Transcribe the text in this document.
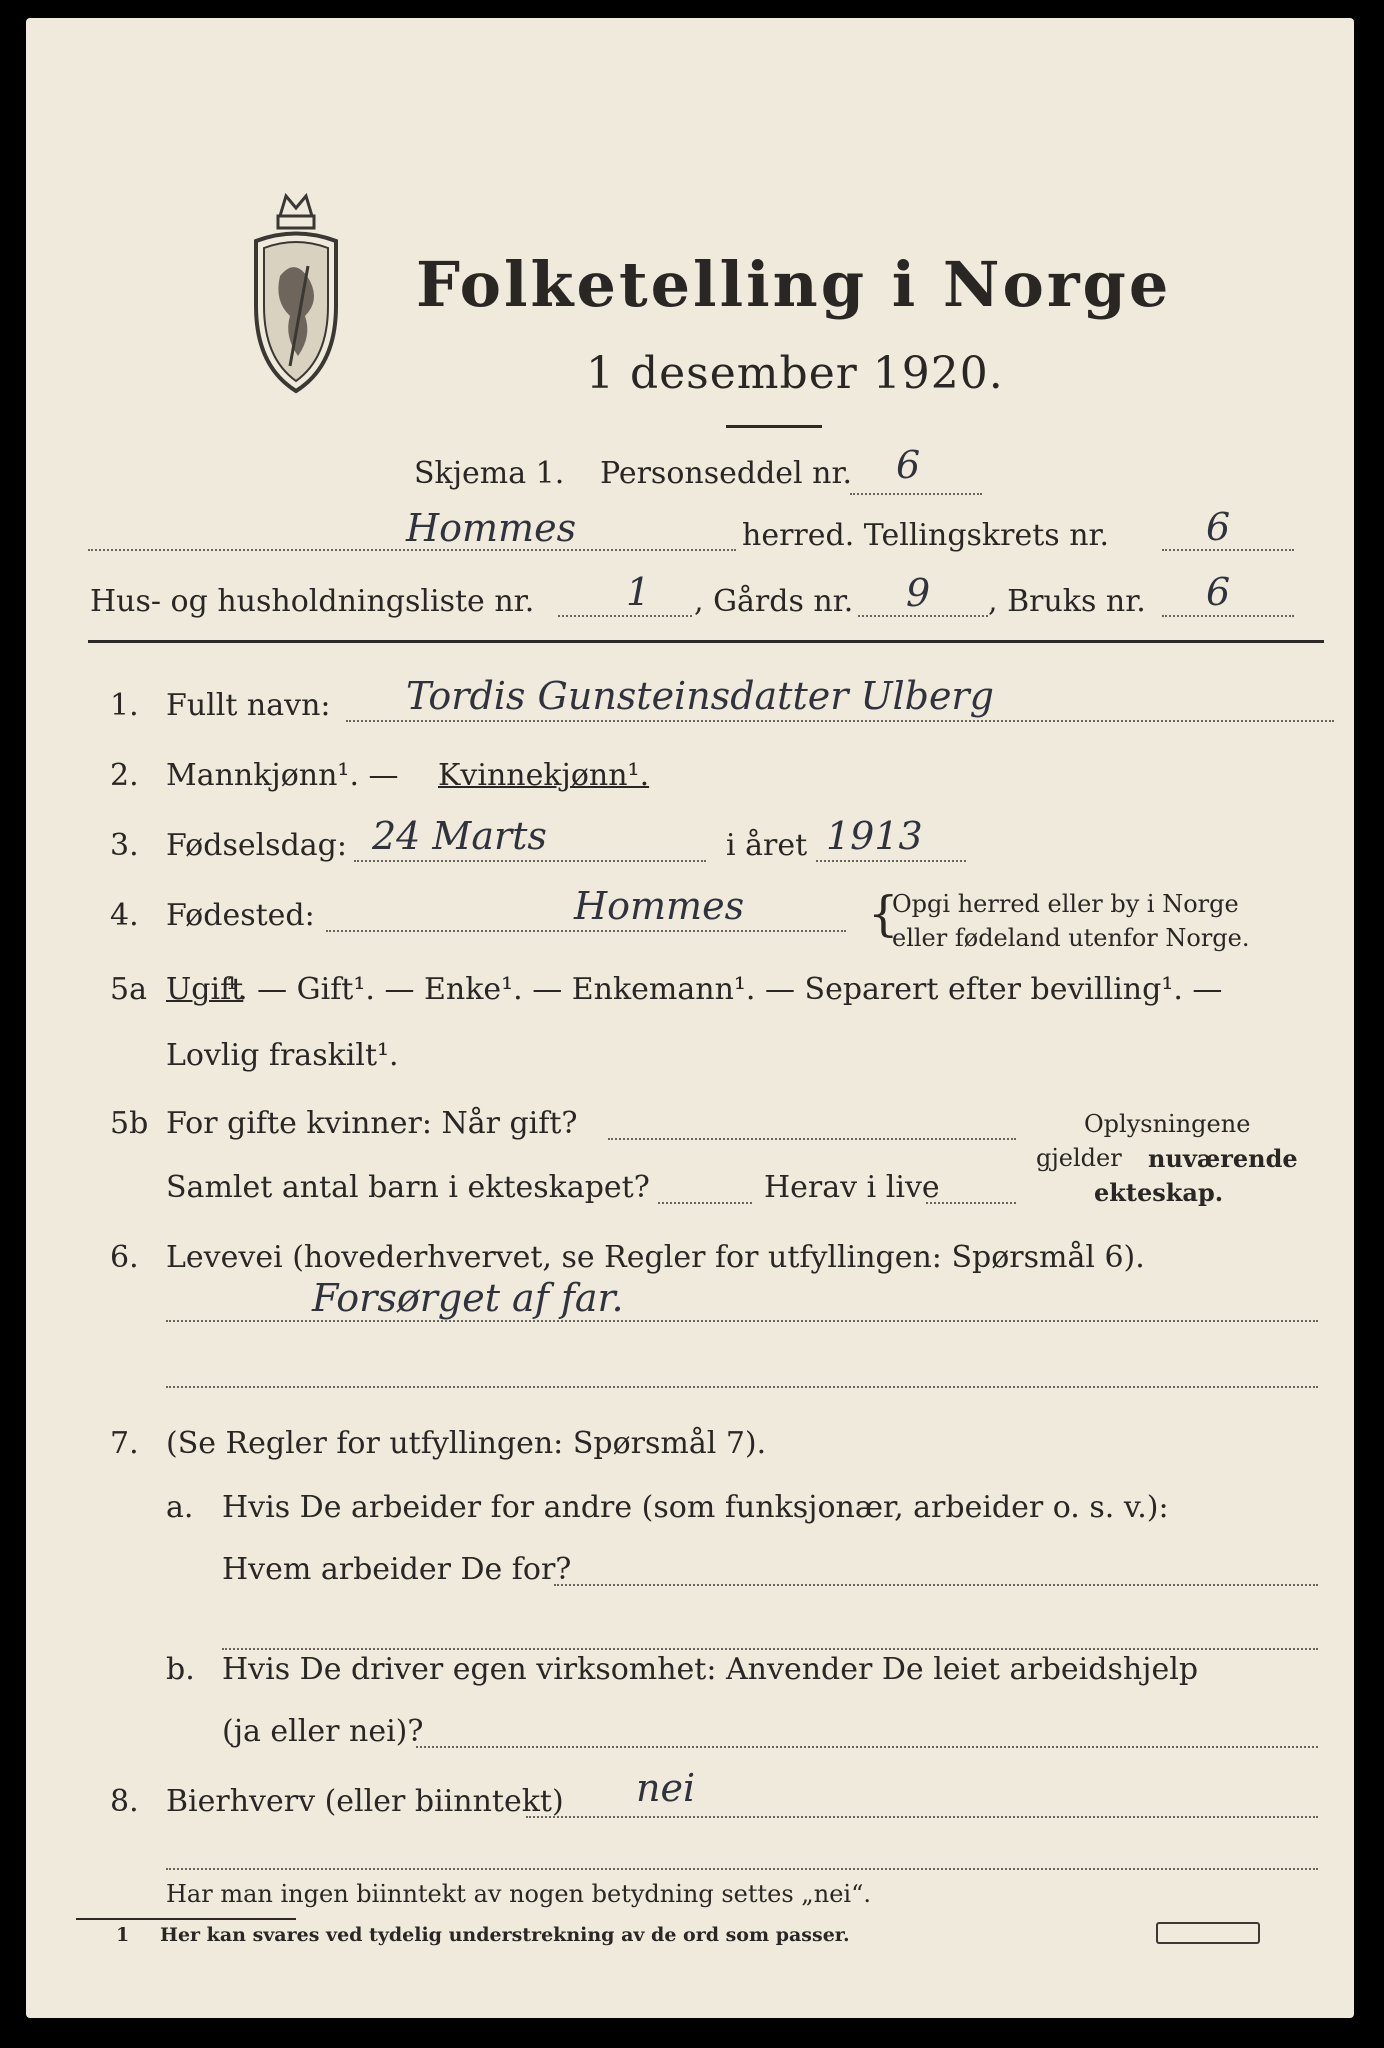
Folketelling i Norge
1 desember 1920.
Skjema 1. Personseddel nr. 6
Hommes	herred. Tellingskrets nr.	6
Hus- og husholdningsliste nr. 1 , Gårds nr. 9 , Bruks nr. 6
1. Fullt navn: Tordis Gunsteinsdatter Ulberg
2. Mannkjønn¹. — Kvinnekjønn¹.
3. Fødselsdag: 24 Marts	i året 1913
4. Fødested:	Hommes	{
Opgi herred eller by i Norge
eller fødeland utenfor Norge.
5a Ugift
¹. — Gift¹. — Enke¹. — Enkemann¹. — Separert efter bevilling¹. —
Lovlig fraskilt¹.
5b For gifte kvinner: Når gift?
Samlet antal barn i ekteskapet?	Herav i live
Oplysningene
gjelder nuværende
ekteskap.
6. Levevei (hovederhvervet, se Regler for utfyllingen: Spørsmål 6).
Forsørget af far.
7. (Se Regler for utfyllingen: Spørsmål 7).
a. Hvis De arbeider for andre (som funksjonær, arbeider o. s. v.):
Hvem arbeider De for?
b. Hvis De driver egen virksomhet: Anvender De leiet arbeidshjelp
(ja eller nei)?
8. Bierhverv (eller biinntekt) nei
Har man ingen biinntekt av nogen betydning settes „nei“.
1 Her kan svares ved tydelig understrekning av de ord som passer.
